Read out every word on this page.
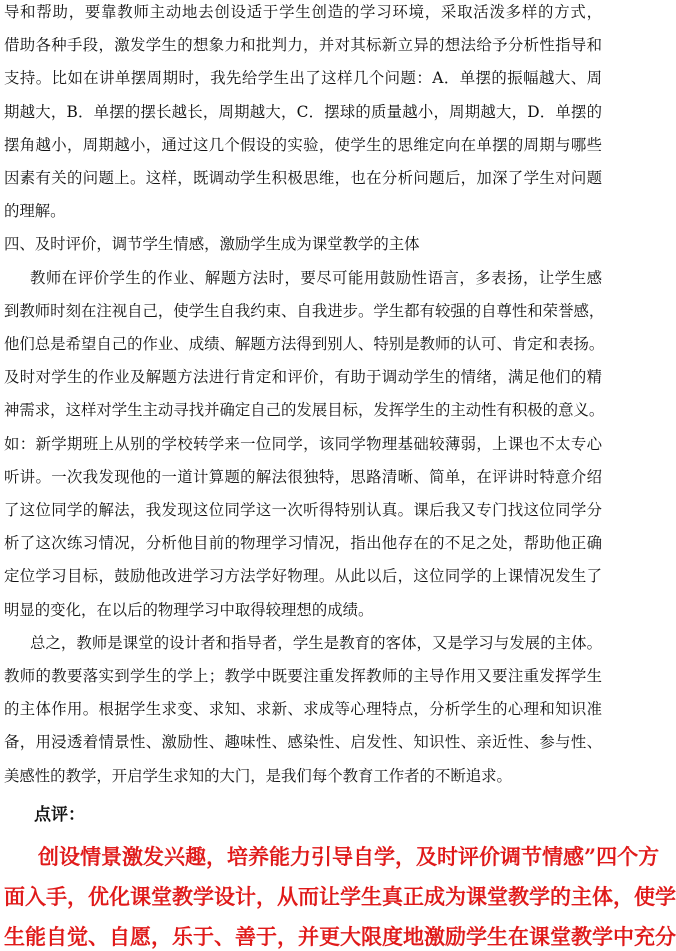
导和帮助，要靠教师主动地去创设适于学生创造的学习环境，采取活泼多样的方式，
借助各种手段，激发学生的想象力和批判力，并对其标新立异的想法给予分析性指导和
支持。比如在讲单摆周期时，我先给学生出了这样几个问题：A．单摆的振幅越大、周
期越大，B．单摆的摆长越长，周期越大，C．摆球的质量越小，周期越大，D．单摆的
摆角越小，周期越小，通过这几个假设的实验，使学生的思维定向在单摆的周期与哪些
因素有关的问题上。这样，既调动学生积极思维，也在分析问题后，加深了学生对问题
的理解。
四、及时评价，调节学生情感，激励学生成为课堂教学的主体
教师在评价学生的作业、解题方法时，要尽可能用鼓励性语言，多表扬，让学生感
到教师时刻在注视自己，使学生自我约束、自我进步。学生都有较强的自尊性和荣誉感，
他们总是希望自己的作业、成绩、解题方法得到别人、特别是教师的认可、肯定和表扬。
及时对学生的作业及解题方法进行肯定和评价，有助于调动学生的情绪，满足他们的精
神需求，这样对学生主动寻找并确定自己的发展目标，发挥学生的主动性有积极的意义。
如：新学期班上从别的学校转学来一位同学，该同学物理基础较薄弱，上课也不太专心
听讲。一次我发现他的一道计算题的解法很独特，思路清晰、简单，在评讲时特意介绍
了这位同学的解法，我发现这位同学这一次听得特别认真。课后我又专门找这位同学分
析了这次练习情况，分析他目前的物理学习情况，指出他存在的不足之处，帮助他正确
定位学习目标，鼓励他改进学习方法学好物理。从此以后，这位同学的上课情况发生了
明显的变化，在以后的物理学习中取得较理想的成绩。
总之，教师是课堂的设计者和指导者，学生是教育的客体，又是学习与发展的主体。
教师的教要落实到学生的学上；教学中既要注重发挥教师的主导作用又要注重发挥学生
的主体作用。根据学生求变、求知、求新、求成等心理特点，分析学生的心理和知识准
备，用浸透着情景性、激励性、趣味性、感染性、启发性、知识性、亲近性、参与性、
美感性的教学，开启学生求知的大门，是我们每个教育工作者的不断追求。
点评：
创设情景激发兴趣，培养能力引导自学，及时评价调节情感”四个方
面入手，优化课堂教学设计，从而让学生真正成为课堂教学的主体，使学
生能自觉、自愿，乐于、善于，并更大限度地激励学生在课堂教学中充分
